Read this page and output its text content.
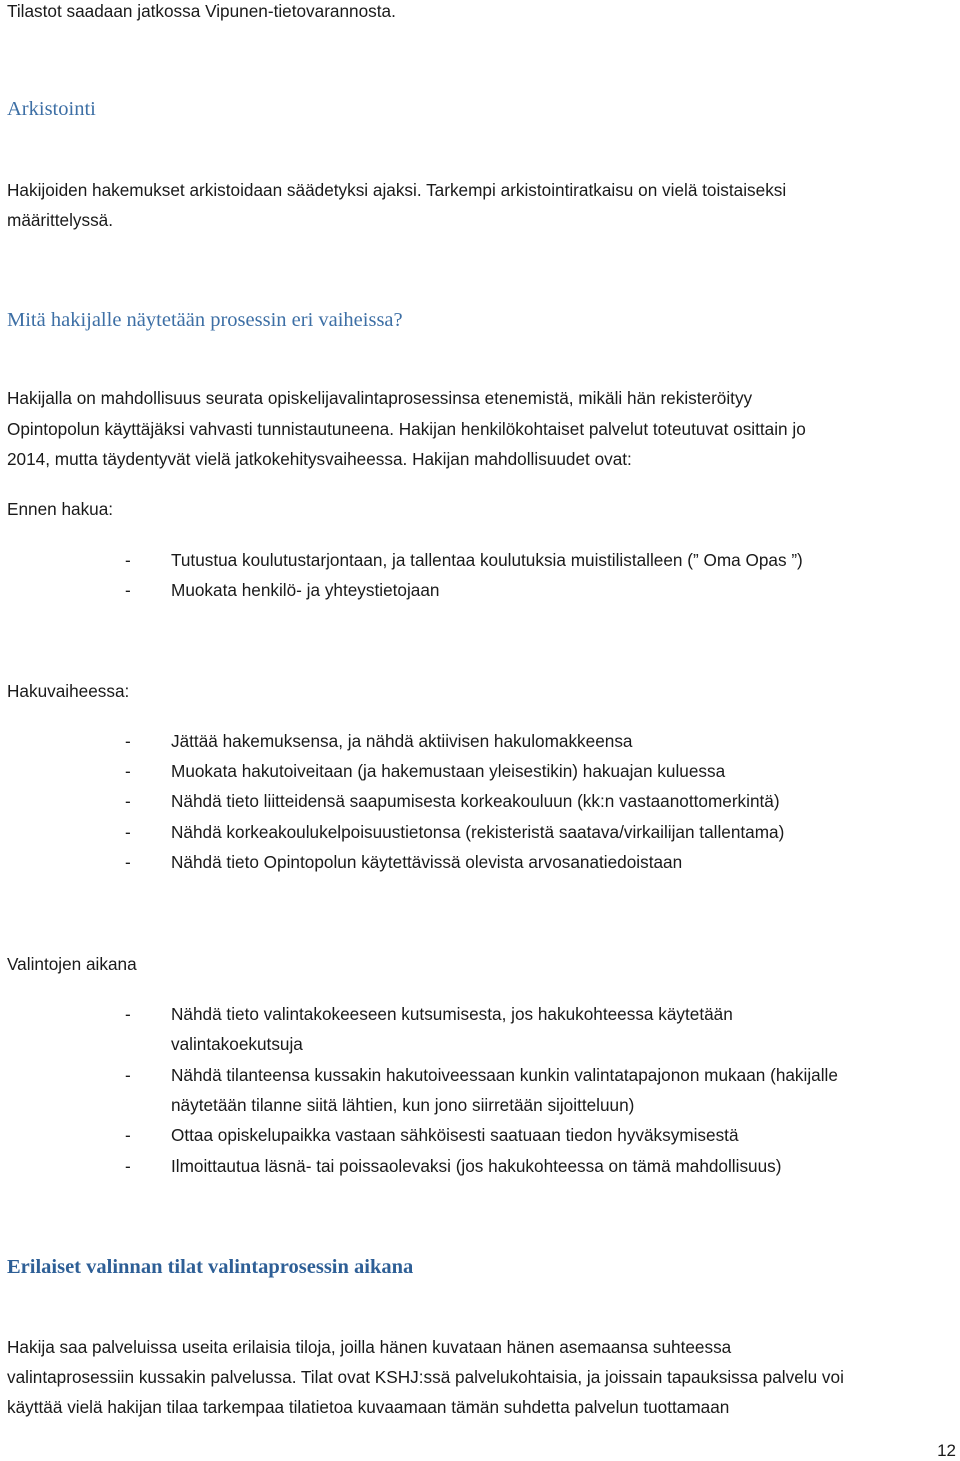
Tilastot saadaan jatkossa Vipunen-tietovarannosta.
Arkistointi
Hakijoiden hakemukset arkistoidaan säädetyksi ajaksi. Tarkempi arkistointiratkaisu on vielä toistaiseksi
määrittelyssä.
Mitä hakijalle näytetään prosessin eri vaiheissa?
Hakijalla on mahdollisuus seurata opiskelijavalintaprosessinsa etenemistä, mikäli hän rekisteröityy
Opintopolun käyttäjäksi vahvasti tunnistautuneena. Hakijan henkilökohtaiset palvelut toteutuvat osittain jo
2014, mutta täydentyvät vielä jatkokehitysvaiheessa. Hakijan mahdollisuudet ovat:
Ennen hakua:
- Tutustua koulutustarjontaan, ja tallentaa koulutuksia muistilistalleen (” Oma Opas ”)
- Muokata henkilö- ja yhteystietojaan
Hakuvaiheessa:
- Jättää hakemuksensa, ja nähdä aktiivisen hakulomakkeensa
- Muokata hakutoiveitaan (ja hakemustaan yleisestikin) hakuajan kuluessa
- Nähdä tieto liitteidensä saapumisesta korkeakouluun (kk:n vastaanottomerkintä)
- Nähdä korkeakoulukelpoisuustietonsa (rekisteristä saatava/virkailijan tallentama)
- Nähdä tieto Opintopolun käytettävissä olevista arvosanatiedoistaan
Valintojen aikana
- Nähdä tieto valintakokeeseen kutsumisesta, jos hakukohteessa käytetään
valintakoekutsuja
- Nähdä tilanteensa kussakin hakutoiveessaan kunkin valintatapajonon mukaan (hakijalle
näytetään tilanne siitä lähtien, kun jono siirretään sijoitteluun)
- Ottaa opiskelupaikka vastaan sähköisesti saatuaan tiedon hyväksymisestä
- Ilmoittautua läsnä- tai poissaolevaksi (jos hakukohteessa on tämä mahdollisuus)
Erilaiset valinnan tilat valintaprosessin aikana
Hakija saa palveluissa useita erilaisia tiloja, joilla hänen kuvataan hänen asemaansa suhteessa
valintaprosessiin kussakin palvelussa. Tilat ovat KSHJ:ssä palvelukohtaisia, ja joissain tapauksissa palvelu voi
käyttää vielä hakijan tilaa tarkempaa tilatietoa kuvaamaan tämän suhdetta palvelun tuottamaan
12
